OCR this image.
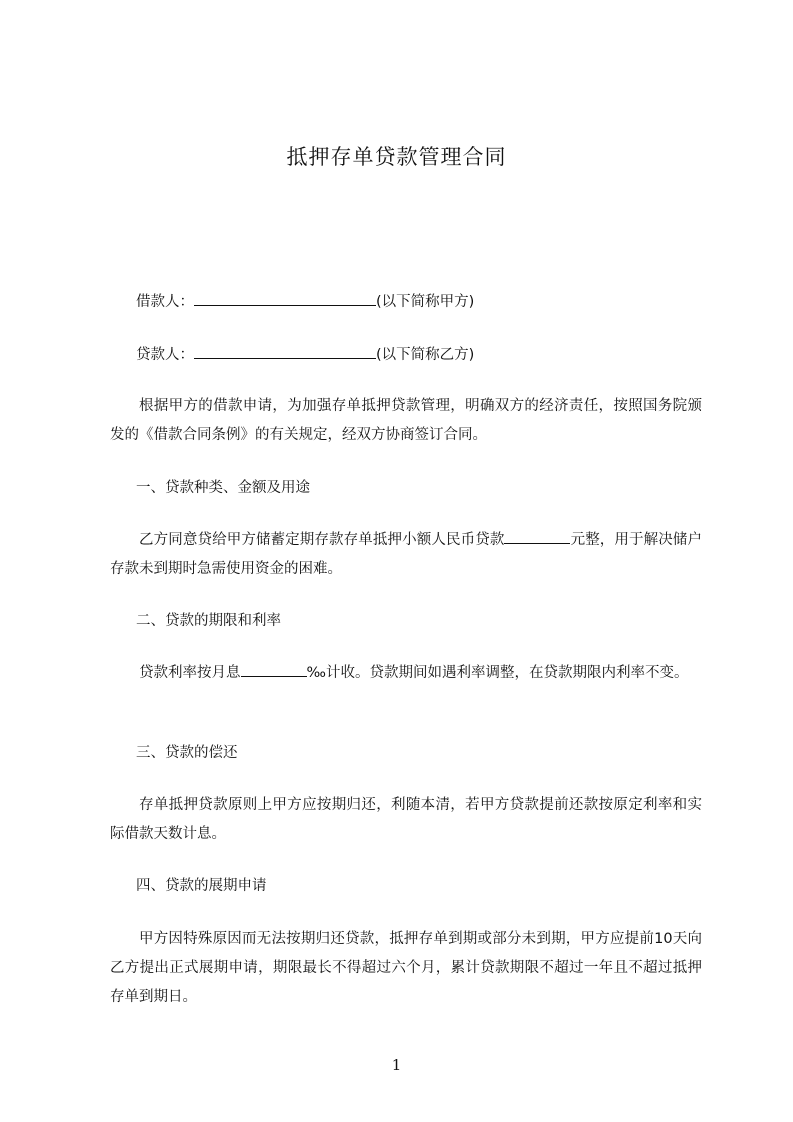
抵押存单贷款管理合同
借款人：	(以下简称甲方)
贷款人：	(以下简称乙方)
根据甲方的借款申请，为加强存单抵押贷款管理，明确双方的经济责任，按照国务院颁发的《借款合同条例》的有关规定，经双方协商签订合同。
一、贷款种类、金额及用途
乙方同意贷给甲方储蓄定期存款存单抵押小额人民币贷款	元整，用于解决储户存款未到期时急需使用资金的困难。
二、贷款的期限和利率
贷款利率按月息	‰计收。贷款期间如遇利率调整，在贷款期限内利率不变。
三、贷款的偿还
存单抵押贷款原则上甲方应按期归还，利随本清，若甲方贷款提前还款按原定利率和实际借款天数计息。
四、贷款的展期申请
甲方因特殊原因而无法按期归还贷款，抵押存单到期或部分未到期，甲方应提前10天向乙方提出正式展期申请，期限最长不得超过六个月，累计贷款期限不超过一年且不超过抵押存单到期日。
1
